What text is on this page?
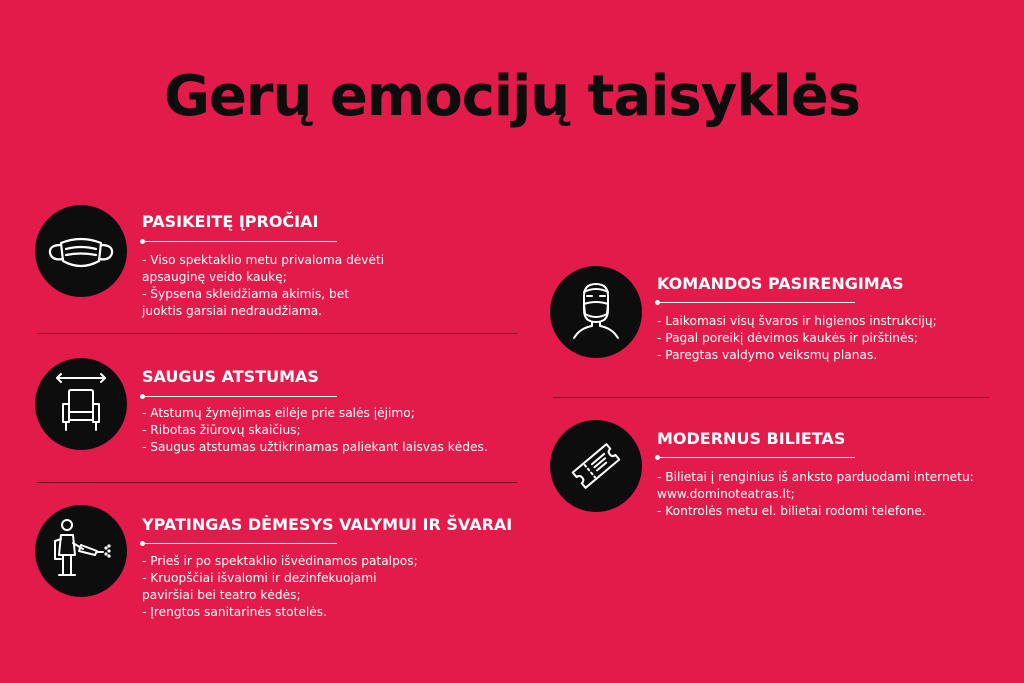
Gerų emocijų taisyklės
PASIKEITĘ ĮPROČIAI
- Viso spektaklio metu privaloma dėvėti
apsauginę veido kaukę;
- Šypsena skleidžiama akimis, bet
juoktis garsiai nedraudžiama.
SAUGUS ATSTUMAS
- Atstumų žymėjimas eilėje prie salės įėjimo;
- Ribotas žiūrovų skaičius;
- Saugus atstumas užtikrinamas paliekant laisvas kėdes.
YPATINGAS DĖMESYS VALYMUI IR ŠVARAI
- Prieš ir po spektaklio išvėdinamos patalpos;
- Kruopščiai išvalomi ir dezinfekuojami
paviršiai bei teatro kėdės;
- Įrengtos sanitarinės stotelės.
KOMANDOS PASIRENGIMAS
- Laikomasi visų švaros ir higienos instrukcijų;
- Pagal poreikį dėvimos kaukės ir pirštinės;
- Paregtas valdymo veiksmų planas.
MODERNUS BILIETAS
- Bilietai į renginius iš anksto parduodami internetu:
www.dominoteatras.lt;
- Kontrolės metu el. bilietai rodomi telefone.
